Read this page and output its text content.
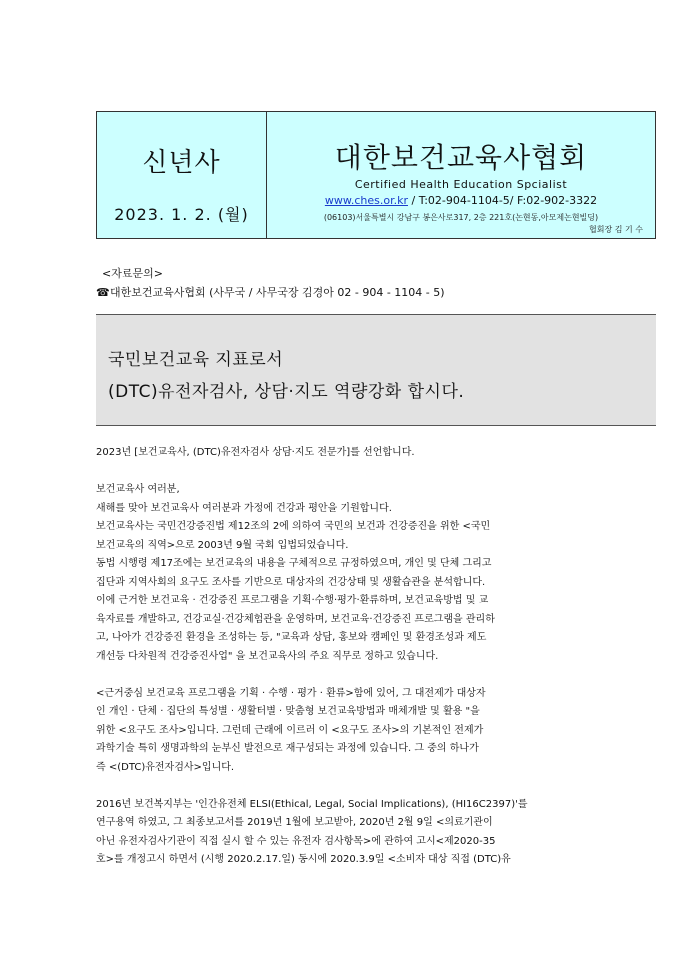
신년사
2023. 1. 2. (월)
대한보건교육사협회
Certified Health Education Spcialist
www.ches.or.kr / T:02-904-1104-5/ F:02-902-3322
(06103)서울특별시 강남구 봉은사로317, 2층 221호(논현동,아모제논현빌딩)
협회장 김 기 수
<자료문의>
☎대한보건교육사협회 (사무국 / 사무국장 김경아 02 - 904 - 1104 - 5)
국민보건교육 지표로서
(DTC)유전자검사, 상담·지도 역량강화 합시다.

2023년 [보건교육사, (DTC)유전자검사 상담·지도 전문가]를 선언합니다.

보건교육사 여러분,

새해를 맞아 보건교육사 여러분과 가정에 건강과 평안을 기원합니다.

보건교육사는 국민건강증진법 제12조의 2에 의하여 국민의 보건과 건강증진을 위한 <국민

보건교육의 직역>으로 2003년 9월 국회 입법되었습니다.

동법 시행령 제17조에는 보건교육의 내용을 구체적으로 규정하였으며, 개인 및 단체 그리고

집단과 지역사회의 요구도 조사를 기반으로 대상자의 건강상태 및 생활습관을 분석합니다.

이에 근거한 보건교육 · 건강증진 프로그램을 기획·수행·평가·환류하며, 보건교육방법 및 교

육자료를 개발하고, 건강교실·건강체험관을 운영하며, 보건교육·건강증진 프로그램을 관리하

고, 나아가 건강증진 환경을 조성하는 등, "교육과 상담, 홍보와 캠페인 및 환경조성과 제도

개선등 다차원적 건강증진사업" 을 보건교육사의 주요 직무로 정하고 있습니다.

<근거중심 보건교육 프로그램을 기획 · 수행 · 평가 · 환류>함에 있어, 그 대전제가 대상자

인 개인 · 단체 · 집단의 특성별 · 생활터별 · 맞춤형 보건교육방법과 매체개발 및 활용 "을

위한 <요구도 조사>입니다. 그런데 근래에 이르러 이 <요구도 조사>의 기본적인 전제가

과학기술 특히 생명과학의 눈부신 발전으로 재구성되는 과정에 있습니다. 그 중의 하나가

즉 <(DTC)유전자검사>입니다.

2016년 보건복지부는 '인간유전체 ELSI(Ethical, Legal, Social Implications), (HI16C2397)'를

연구용역 하였고, 그 최종보고서를 2019년 1월에 보고받아, 2020년 2월 9일 <의료기관이

아닌 유전자검사기관이 직접 실시 할 수 있는 유전자 검사항목>에 관하여 고시<제2020-35

호>를 개정고시 하면서 (시행 2020.2.17.일) 동시에 2020.3.9일 <소비자 대상 직접 (DTC)유
